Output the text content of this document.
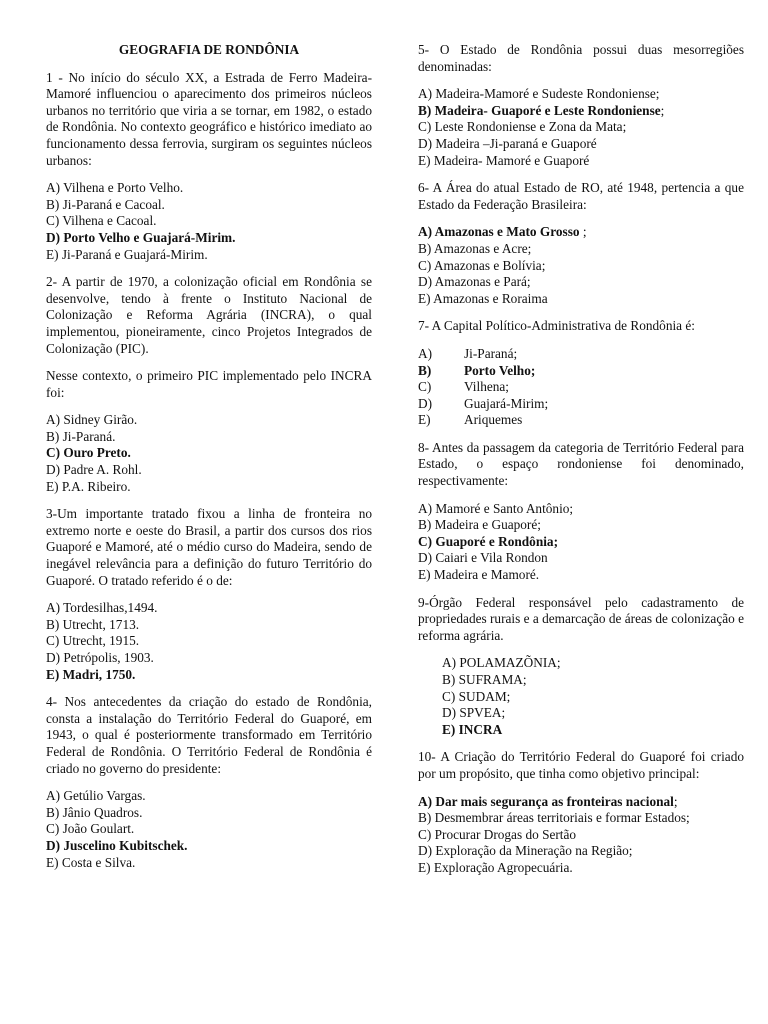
GEOGRAFIA DE RONDÔNIA
1 - No início do século XX, a Estrada de Ferro Madeira-Mamoré influenciou o aparecimento dos primeiros núcleos urbanos no território que viria a se tornar, em 1982, o estado de Rondônia. No contexto geográfico e histórico imediato ao funcionamento dessa ferrovia, surgiram os seguintes núcleos urbanos:
A) Vilhena e Porto Velho.
B) Ji-Paraná e Cacoal.
C) Vilhena e Cacoal.
D) Porto Velho e Guajará-Mirim.
E) Ji-Paraná e Guajará-Mirim.
2- A partir de 1970, a colonização oficial em Rondônia se desenvolve, tendo à frente o Instituto Nacional de Colonização e Reforma Agrária (INCRA), o qual implementou, pioneiramente, cinco Projetos Integrados de Colonização (PIC).
Nesse contexto, o primeiro PIC implementado pelo INCRA foi:
A) Sidney Girão.
B) Ji-Paraná.
C) Ouro Preto.
D) Padre A. Rohl.
E) P.A. Ribeiro.
3-Um importante tratado fixou a linha de fronteira no extremo norte e oeste do Brasil, a partir dos cursos dos rios Guaporé e Mamoré, até o médio curso do Madeira, sendo de inegável relevância para a definição do futuro Território do Guaporé. O tratado referido é o de:
A) Tordesilhas,1494.
B) Utrecht, 1713.
C) Utrecht, 1915.
D) Petrópolis, 1903.
E) Madri, 1750.
4- Nos antecedentes da criação do estado de Rondônia, consta a instalação do Território Federal do Guaporé, em 1943, o qual é posteriormente transformado em Território Federal de Rondônia. O Território Federal de Rondônia é criado no governo do presidente:
A) Getúlio Vargas.
B) Jânio Quadros.
C) João Goulart.
D) Juscelino Kubitschek.
E) Costa e Silva.
5- O Estado de Rondônia possui duas mesorregiões denominadas:
A) Madeira-Mamoré e Sudeste Rondoniense;
B) Madeira- Guaporé e Leste Rondoniense;
C) Leste Rondoniense e Zona da Mata;
D) Madeira –Ji-paraná e Guaporé
E) Madeira- Mamoré e Guaporé
6- A Área do atual Estado de RO, até 1948, pertencia a que Estado da Federação Brasileira:
A) Amazonas e Mato Grosso ;
B) Amazonas e Acre;
C) Amazonas e Bolívia;
D) Amazonas e Pará;
E) Amazonas e Roraima
7- A Capital Político-Administrativa de Rondônia é:
A) Ji-Paraná;
B) Porto Velho;
C) Vilhena;
D) Guajará-Mirim;
E)	Ariquemes
8- Antes da passagem da categoria de Território Federal para Estado, o espaço rondoniense foi denominado, respectivamente:
A) Mamoré e Santo Antônio;
B) Madeira e Guaporé;
C) Guaporé e Rondônia;
D) Caiari e Vila Rondon
E) Madeira e Mamoré.
9-Órgão Federal responsável pelo cadastramento de propriedades rurais e a demarcação de áreas de colonização e reforma agrária.
A) POLAMAZÕNIA;
B) SUFRAMA;
C) SUDAM;
D) SPVEA;
E) INCRA
10- A Criação do Território Federal do Guaporé foi criado por um propósito, que tinha como objetivo principal:
A) Dar mais segurança as fronteiras nacional;
B) Desmembrar áreas territoriais e formar Estados;
C) Procurar Drogas do Sertão
D) Exploração da Mineração na Região;
E) Exploração Agropecuária.
